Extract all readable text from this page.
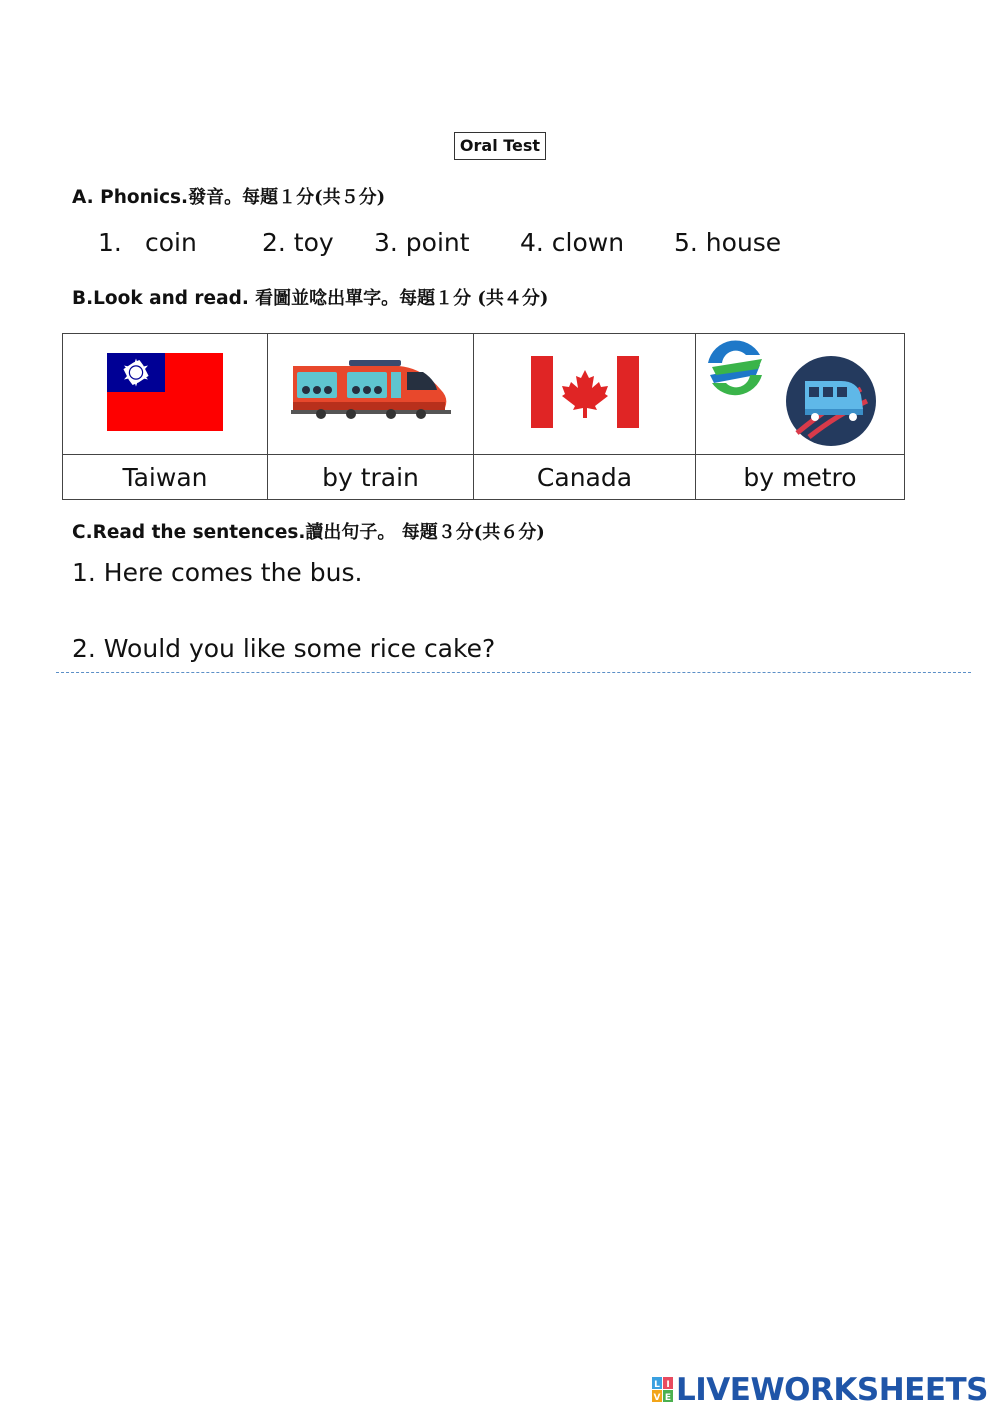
Oral Test
A. Phonics.發音。每題１分(共５分)
1. coin	2. toy 3. point 4. clown 5. house
B.Look and read. 看圖並唸出單字。每題１分 (共４分)

Taiwan	by train	Canada	by metro
C.Read the sentences.讀出句子。 每題３分(共６分)
1. Here comes the bus.
2. Would you like some rice cake?
L I
V E LIVEWORKSHEETS
